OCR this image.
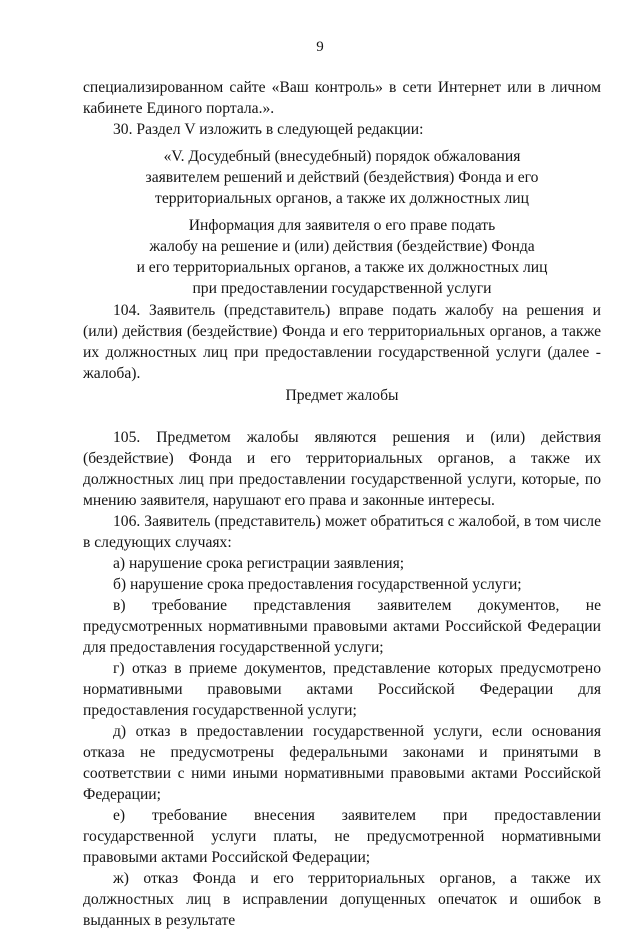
9

специализированном сайте «Ваш контроль» в сети Интернет или в личном кабинете Единого портала.».

30. Раздел V изложить в следующей редакции:

«V. Досудебный (внесудебный) порядок обжалования
заявителем решений и действий (бездействия) Фонда и его
территориальных органов, а также их должностных лиц
Информация для заявителя о его праве подать
жалобу на решение и (или) действия (бездействие) Фонда
и его территориальных органов, а также их должностных лиц
при предоставлении государственной услуги

104. Заявитель (представитель) вправе подать жалобу на решения и (или) действия (бездействие) Фонда и его территориальных органов, а также их должностных лиц при предоставлении государственной услуги (далее - жалоба).

Предмет жалобы

105. Предметом жалобы являются решения и (или) действия (бездействие) Фонда и его территориальных органов, а также их должностных лиц при предоставлении государственной услуги, которые, по мнению заявителя, нарушают его права и законные интересы.

106. Заявитель (представитель) может обратиться с жалобой, в том числе в следующих случаях:

а) нарушение срока регистрации заявления;

б) нарушение срока предоставления государственной услуги;

в) требование представления заявителем документов, не предусмотренных нормативными правовыми актами Российской Федерации для предоставления государственной услуги;

г) отказ в приеме документов, представление которых предусмотрено нормативными правовыми актами Российской Федерации для предоставления государственной услуги;

д) отказ в предоставлении государственной услуги, если основания отказа не предусмотрены федеральными законами и принятыми в соответствии с ними иными нормативными правовыми актами Российской Федерации;

е) требование внесения заявителем при предоставлении государственной услуги платы, не предусмотренной нормативными правовыми актами Российской Федерации;

ж) отказ Фонда и его территориальных органов, а также их должностных лиц в исправлении допущенных опечаток и ошибок в выданных в результате
